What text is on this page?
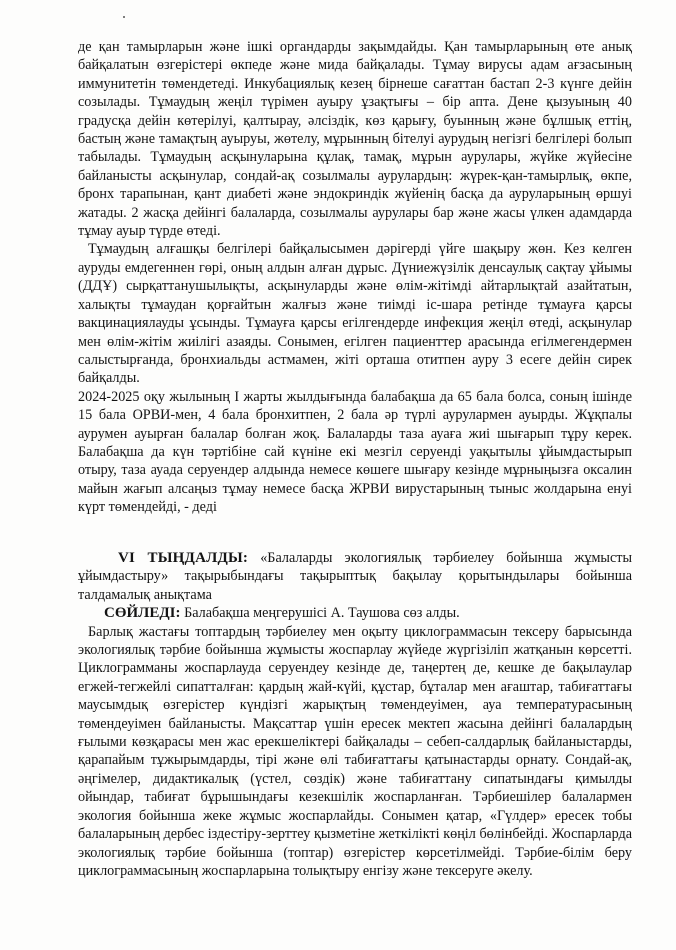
де қан тамырларын және ішкі органдарды зақымдайды. Қан тамырларының өте анық байқалатын өзгерістері өкпеде және мида байқалады. Тұмау вирусы адам ағзасының иммунитетін төмендетеді. Инкубациялық кезең бірнеше сағаттан бастап 2-3 күнге дейін созылады. Тұмаудың жеңіл түрімен ауыру ұзақтығы – бір апта. Дене қызуының 40 градусқа дейін көтерілуі, қалтырау, әлсіздік, көз қарығу, буынның және бұлшық еттің, бастың және тамақтың ауыруы, жөтелу, мұрынның бітелуі аурудың негізгі белгілері болып табылады. Тұмаудың асқынуларына құлақ, тамақ, мұрын аурулары, жүйке жүйесіне байланысты асқынулар, сондай-ақ созылмалы аурулардың: жүрек-қан-тамырлық, өкпе, бронх тарапынан, қант диабеті және эндокриндік жүйенің басқа да ауруларының өршуі жатады. 2 жасқа дейінгі балаларда, созылмалы аурулары бар және жасы үлкен адамдарда тұмау ауыр түрде өтеді.

Тұмаудың алғашқы белгілері байқалысымен дәрігерді үйге шақыру жөн. Кез келген ауруды емдегеннен гөрі, оның алдын алған дұрыс. Дүниежүзілік денсаулық сақтау ұйымы (ДДҰ) сырқаттанушылықты, асқынуларды және өлім-жітімді айтарлықтай азайтатын, халықты тұмаудан қорғайтын жалғыз және тиімді іс-шара ретінде тұмауға қарсы вакцинациялауды ұсынды. Тұмауға қарсы егілгендерде инфекция жеңіл өтеді, асқынулар мен өлім-жітім жиілігі азаяды. Сонымен, егілген пациенттер арасында егілмегендермен салыстырғанда, бронхиальды астмамен, жіті орташа отитпен ауру 3 есеге дейін сирек байқалды.

2024-2025 оқу жылының I жарты жылдығында балабақша да 65 бала болса, соның ішінде 15 бала ОРВИ-мен, 4 бала бронхитпен, 2 бала әр түрлі аурулармен ауырды. Жұқпалы аурумен ауырған балалар болған жоқ. Балаларды таза ауаға жиі шығарып тұру керек. Балабақша да күн тәртібіне сай күніне екі мезгіл серуенді уақытылы ұйымдастырып отыру, таза ауада серуендер алдында немесе көшеге шығару кезінде мұрныңызға оксалин майын жағып алсаңыз тұмау немесе басқа ЖРВИ вирустарының тыныс жолдарына енуі күрт төмендейді, - деді

VI ТЫҢДАЛДЫ: «Балаларды экологиялық тәрбиелеу бойынша жұмысты ұйымдастыру» тақырыбындағы тақырыптық бақылау қорытындылары бойынша талдамалық анықтама

СӨЙЛЕДІ: Балабақша меңгерушісі А. Таушова сөз алды.

Барлық жастағы топтардың тәрбиелеу мен оқыту циклограммасын тексеру барысында экологиялық тәрбие бойынша жұмысты жоспарлау жүйеде жүргізіліп жатқанын көрсетті. Циклограмманы жоспарлауда серуендеу кезінде де, таңертең де, кешке де бақылаулар егжей-тегжейлі сипатталған: қардың жай-күйі, құстар, бұталар мен ағаштар, табиғаттағы маусымдық өзгерістер күндізгі жарықтың төмендеуімен, ауа температурасының төмендеуімен байланысты. Мақсаттар үшін ересек мектеп жасына дейінгі балалардың ғылыми көзқарасы мен жас ерекшеліктері байқалады – себеп-салдарлық байланыстарды, қарапайым тұжырымдарды, тірі және өлі табиғаттағы қатынастарды орнату. Сондай-ақ, әңгімелер, дидактикалық (үстел, сөздік) және табиғаттану сипатындағы қимылды ойындар, табиғат бұрышындағы кезекшілік жоспарланған. Тәрбиешілер балалармен экология бойынша жеке жұмыс жоспарлайды. Сонымен қатар, «Гүлдер» ересек тобы балаларының дербес іздестіру-зерттеу қызметіне жеткілікті көңіл бөлінбейді. Жоспарларда экологиялық тәрбие бойынша (топтар) өзгерістер көрсетілмейді. Тәрбие-білім беру циклограммасының жоспарларына толықтыру енгізу және тексеруге әкелу.
